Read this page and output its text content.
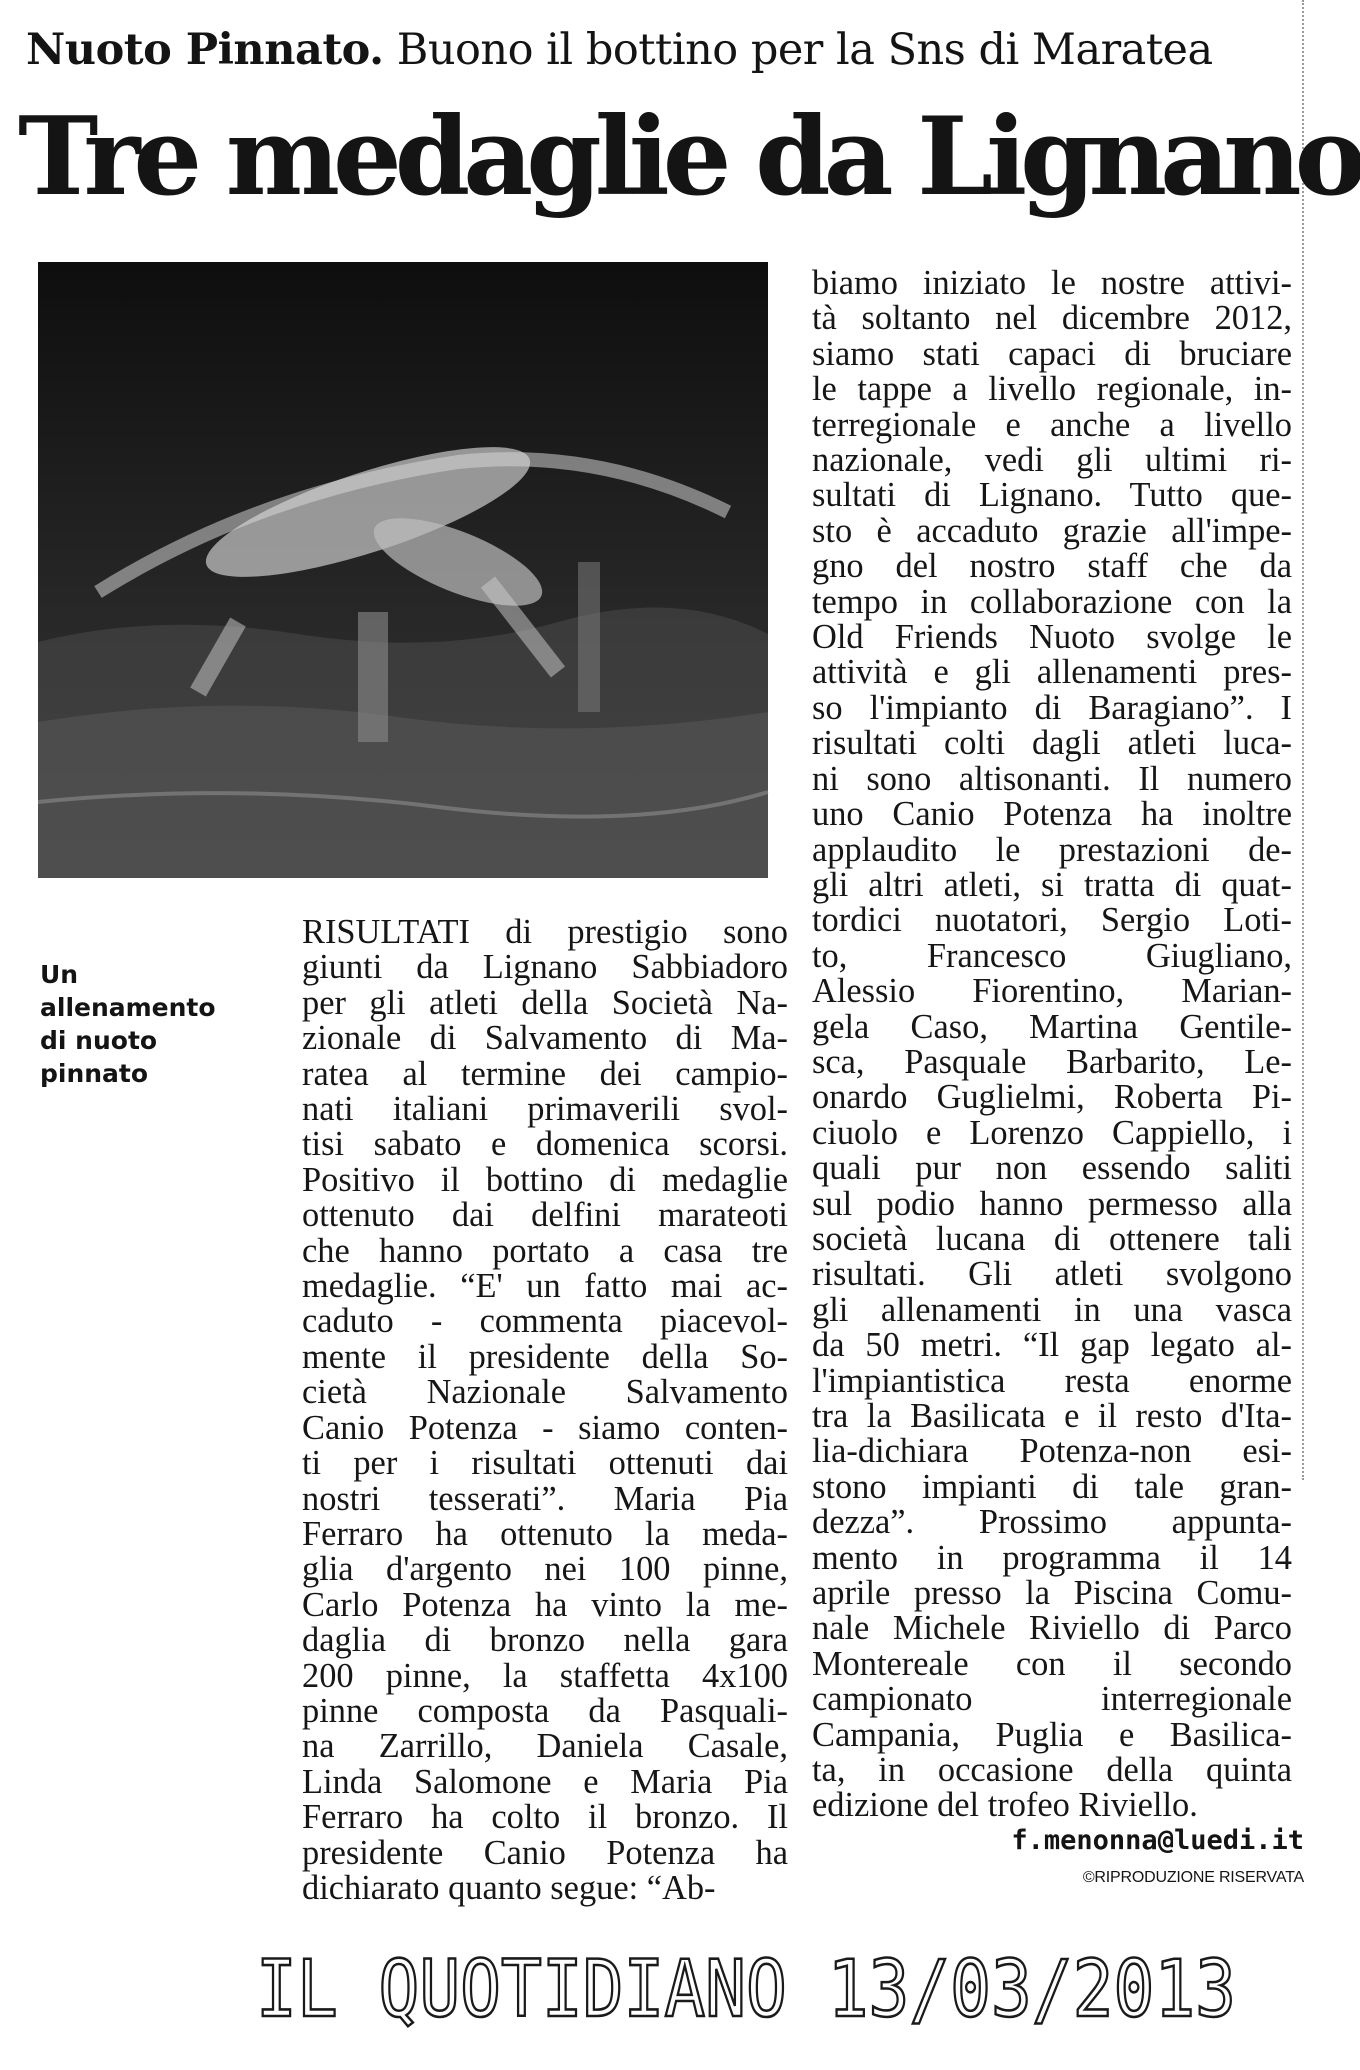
Nuoto Pinnato. Buono il bottino per la Sns di Maratea
Tre medaglie da Lignano
Un
allenamento
di nuoto
pinnato
RISULTATI di prestigio sono
giunti da Lignano Sabbiadoro
per gli atleti della Società Na-
zionale di Salvamento di Ma-
ratea al termine dei campio-
nati italiani primaverili svol-
tisi sabato e domenica scorsi.
Positivo il bottino di medaglie
ottenuto dai delfini marateoti
che hanno portato a casa tre
medaglie. “E' un fatto mai ac-
caduto - commenta piacevol-
mente il presidente della So-
cietà Nazionale Salvamento
Canio Potenza - siamo conten-
ti per i risultati ottenuti dai
nostri tesserati”. Maria Pia
Ferraro ha ottenuto la meda-
glia d'argento nei 100 pinne,
Carlo Potenza ha vinto la me-
daglia di bronzo nella gara
200 pinne, la staffetta 4x100
pinne composta da Pasquali-
na Zarrillo, Daniela Casale,
Linda Salomone e Maria Pia
Ferraro ha colto il bronzo. Il
presidente Canio Potenza ha
dichiarato quanto segue: “Ab-
biamo iniziato le nostre attivi-
tà soltanto nel dicembre 2012,
siamo stati capaci di bruciare
le tappe a livello regionale, in-
terregionale e anche a livello
nazionale, vedi gli ultimi ri-
sultati di Lignano. Tutto que-
sto è accaduto grazie all'impe-
gno del nostro staff che da
tempo in collaborazione con la
Old Friends Nuoto svolge le
attività e gli allenamenti pres-
so l'impianto di Baragiano”. I
risultati colti dagli atleti luca-
ni sono altisonanti. Il numero
uno Canio Potenza ha inoltre
applaudito le prestazioni de-
gli altri atleti, si tratta di quat-
tordici nuotatori, Sergio Loti-
to, Francesco Giugliano,
Alessio Fiorentino, Marian-
gela Caso, Martina Gentile-
sca, Pasquale Barbarito, Le-
onardo Guglielmi, Roberta Pi-
ciuolo e Lorenzo Cappiello, i
quali pur non essendo saliti
sul podio hanno permesso alla
società lucana di ottenere tali
risultati. Gli atleti svolgono
gli allenamenti in una vasca
da 50 metri. “Il gap legato al-
l'impiantistica resta enorme
tra la Basilicata e il resto d'Ita-
lia-dichiara Potenza-non esi-
stono impianti di tale gran-
dezza”. Prossimo appunta-
mento in programma il 14
aprile presso la Piscina Comu-
nale Michele Riviello di Parco
Montereale con il secondo
campionato interregionale
Campania, Puglia e Basilica-
ta, in occasione della quinta
edizione del trofeo Riviello.
f.menonna@luedi.it
©RIPRODUZIONE RISERVATA
IL QUOTIDIANO 13/03/2013
